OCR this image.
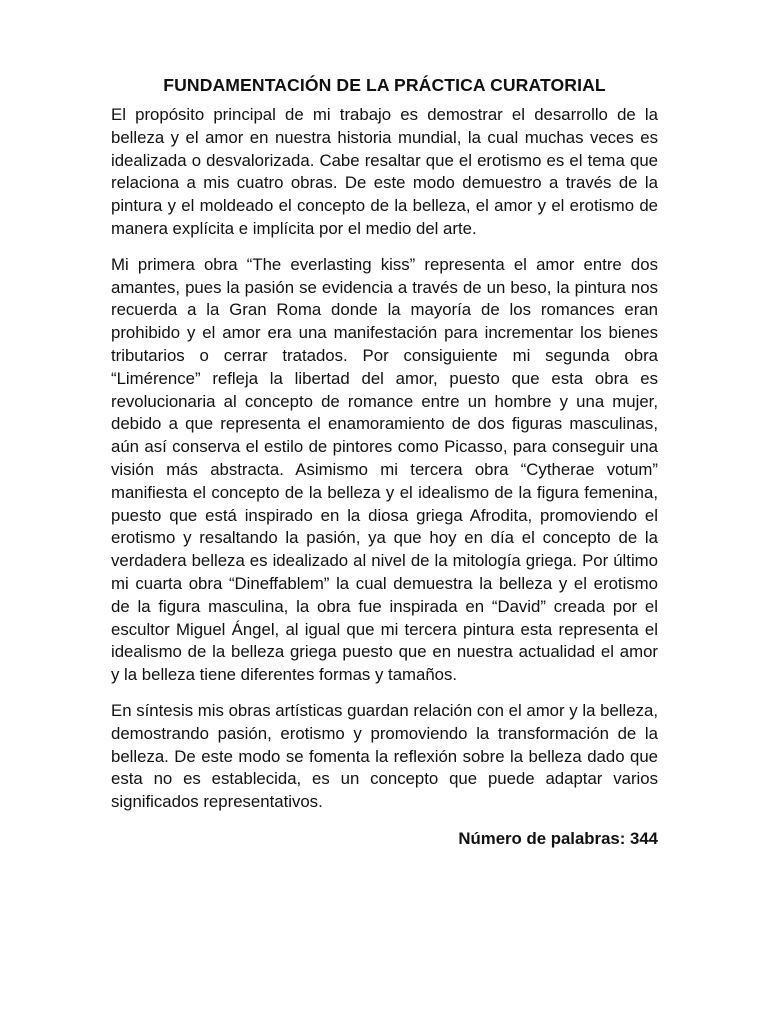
FUNDAMENTACIÓN DE LA PRÁCTICA CURATORIAL

El propósito principal de mi trabajo es demostrar el desarrollo de la belleza y el amor en nuestra historia mundial, la cual muchas veces es idealizada o desvalorizada. Cabe resaltar que el erotismo es el tema que relaciona a mis cuatro obras. De este modo demuestro a través de la pintura y el moldeado el concepto de la belleza, el amor y el erotismo de manera explícita e implícita por el medio del arte.

Mi primera obra “The everlasting kiss” representa el amor entre dos amantes, pues la pasión se evidencia a través de un beso, la pintura nos recuerda a la Gran Roma donde la mayoría de los romances eran prohibido y el amor era una manifestación para incrementar los bienes tributarios o cerrar tratados. Por consiguiente mi segunda obra “Limérence” refleja la libertad del amor, puesto que esta obra es revolucionaria al concepto de romance entre un hombre y una mujer, debido a que representa el enamoramiento de dos figuras masculinas, aún así conserva el estilo de pintores como Picasso, para conseguir una visión más abstracta. Asimismo mi tercera obra “Cytherae votum” manifiesta el concepto de la belleza y el idealismo de la figura femenina, puesto que está inspirado en la diosa griega Afrodita, promoviendo el erotismo y resaltando la pasión, ya que hoy en día el concepto de la verdadera belleza es idealizado al nivel de la mitología griega. Por último mi cuarta obra “Dineffablem” la cual demuestra la belleza y el erotismo de la figura masculina, la obra fue inspirada en “David” creada por el escultor Miguel Ángel, al igual que mi tercera pintura esta representa el idealismo de la belleza griega puesto que en nuestra actualidad el amor y la belleza tiene diferentes formas y tamaños.

En síntesis mis obras artísticas guardan relación con el amor y la belleza, demostrando pasión, erotismo y promoviendo la transformación de la belleza. De este modo se fomenta la reflexión sobre la belleza dado que esta no es establecida, es un concepto que puede adaptar varios significados representativos.

Número de palabras: 344
